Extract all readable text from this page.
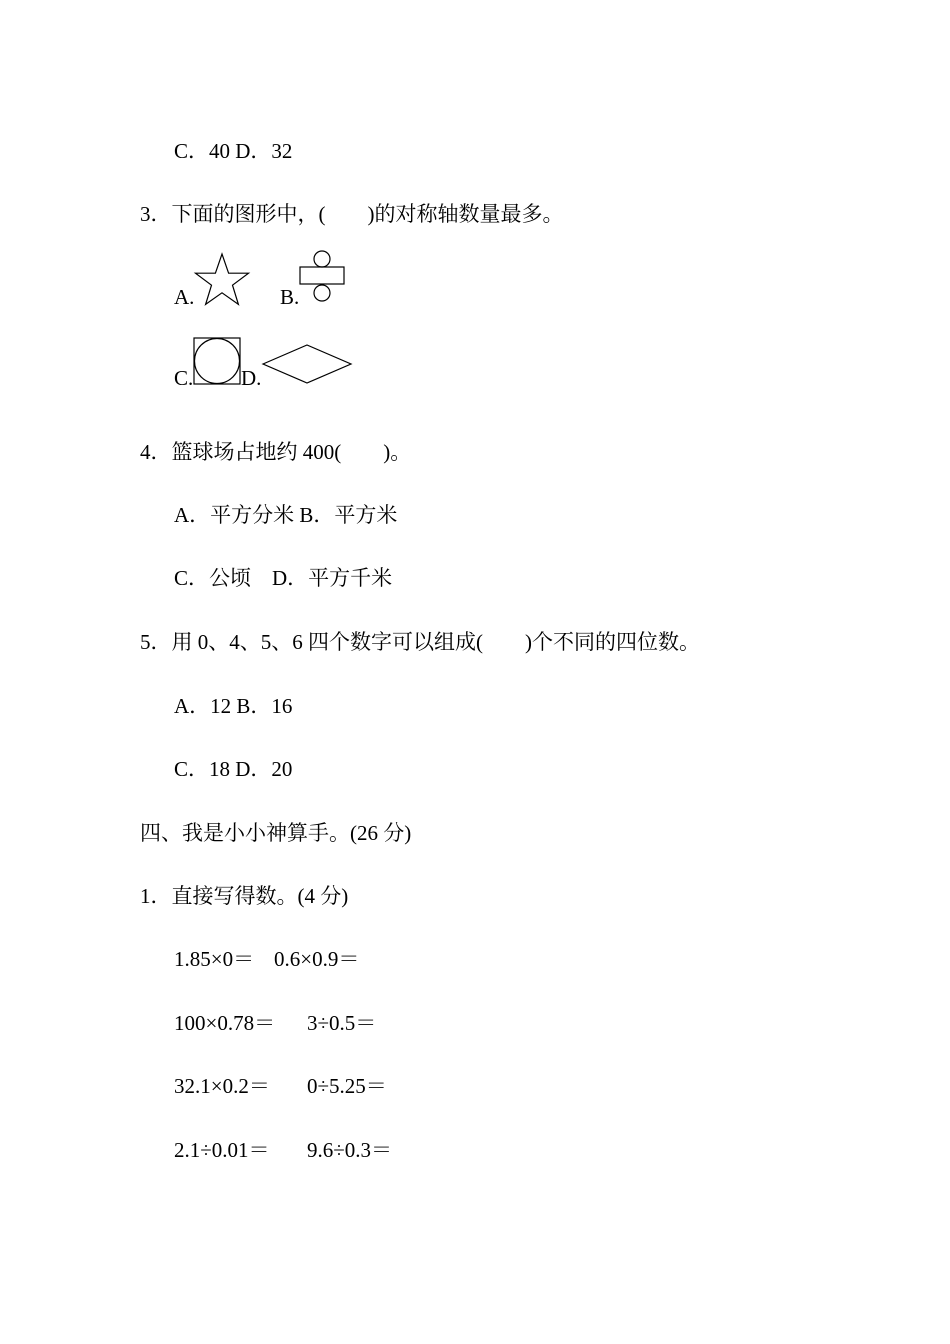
C．40 D．32
3．下面的图形中，(　　)的对称轴数量最多。
A.	B.
C. D.
4．篮球场占地约 400(　　)。
A．平方分米 B．平方米
C．公顷　D．平方千米
5．用 0、4、5、6 四个数字可以组成(　　)个不同的四位数。
A．12 B．16
C．18 D．20
四、我是小小神算手。(26 分)
1．直接写得数。(4 分)
1.85×0＝ 0.6×0.9＝
100×0.78＝ 3÷0.5＝
32.1×0.2＝ 0÷5.25＝
2.1÷0.01＝ 9.6÷0.3＝
